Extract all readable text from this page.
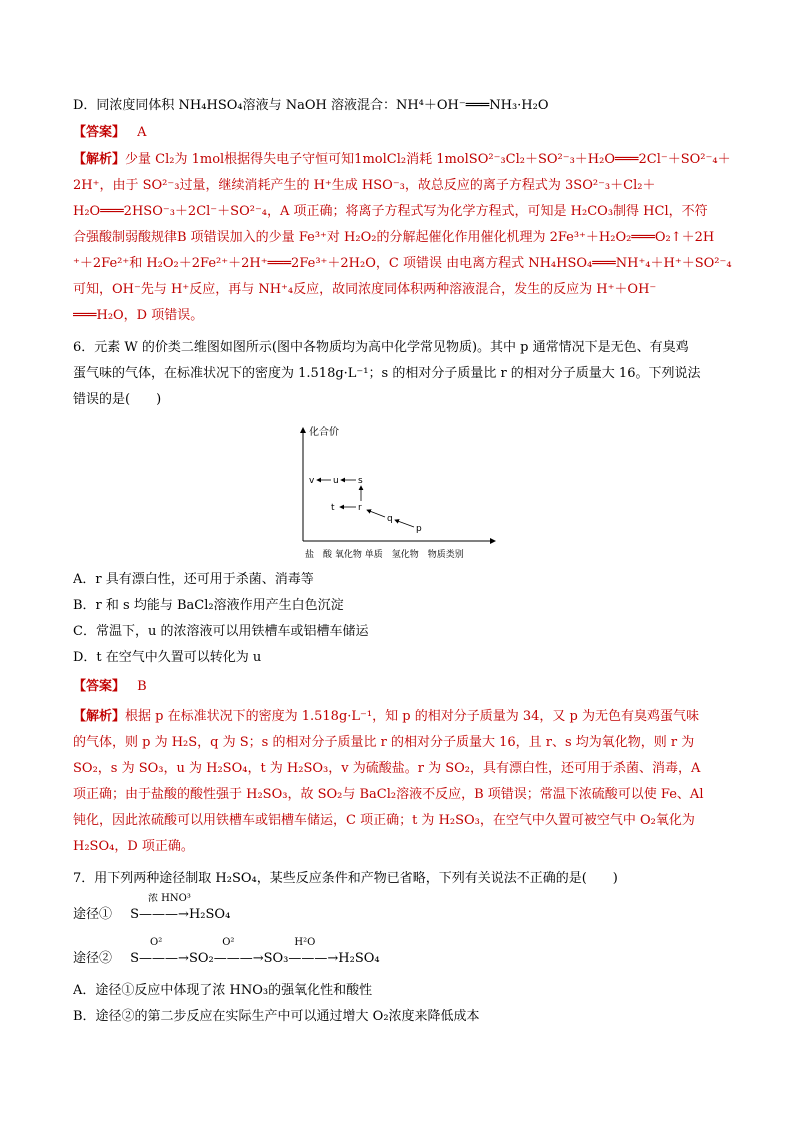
D．同浓度同体积 NH₄HSO₄溶液与 NaOH 溶液混合：NH⁴＋OH⁻═══NH₃·H₂O
【答案】 A
【解析】少量 Cl₂为 1mol根据得失电子守恒可知1molCl₂消耗 1molSO²⁻₃Cl₂＋SO²⁻₃＋H₂O═══2Cl⁻＋SO²⁻₄＋
2H⁺，由于 SO²⁻₃过量，继续消耗产生的 H⁺生成 HSO⁻₃，故总反应的离子方程式为 3SO²⁻₃＋Cl₂＋
H₂O═══2HSO⁻₃＋2Cl⁻＋SO²⁻₄，A 项正确；将离子方程式写为化学方程式，可知是 H₂CO₃制得 HCl，不符
合强酸制弱酸规律B 项错误加入的少量 Fe³⁺对 H₂O₂的分解起催化作用催化机理为 2Fe³⁺＋H₂O₂═══O₂↑＋2H
⁺＋2Fe²⁺和 H₂O₂＋2Fe²⁺＋2H⁺═══2Fe³⁺＋2H₂O，C 项错误 由电离方程式 NH₄HSO₄═══NH⁺₄＋H⁺＋SO²⁻₄
可知，OH⁻先与 H⁺反应，再与 NH⁺₄反应，故同浓度同体积两种溶液混合，发生的反应为 H⁺＋OH⁻
═══H₂O，D 项错误。
6．元素 W 的价类二维图如图所示(图中各物质均为高中化学常见物质)。其中 p 通常情况下是无色、有臭鸡
蛋气味的气体，在标准状况下的密度为 1.518g·L⁻¹；s 的相对分子质量比 r 的相对分子质量大 16。下列说法
错误的是(　　)
化合价
盐　酸 氧化物 单质　氢化物　物质类别
v u s
t	r
q
p
A．r 具有漂白性，还可用于杀菌、消毒等
B．r 和 s 均能与 BaCl₂溶液作用产生白色沉淀
C．常温下，u 的浓溶液可以用铁槽车或铝槽车储运
D．t 在空气中久置可以转化为 u
【答案】 B
【解析】根据 p 在标准状况下的密度为 1.518g·L⁻¹，知 p 的相对分子质量为 34，又 p 为无色有臭鸡蛋气味
的气体，则 p 为 H₂S，q 为 S；s 的相对分子质量比 r 的相对分子质量大 16，且 r、s 均为氧化物，则 r 为
SO₂，s 为 SO₃，u 为 H₂SO₄，t 为 H₂SO₃，v 为硫酸盐。r 为 SO₂，具有漂白性，还可用于杀菌、消毒，A
项正确；由于盐酸的酸性强于 H₂SO₃，故 SO₂与 BaCl₂溶液不反应，B 项错误；常温下浓硫酸可以使 Fe、Al
钝化，因此浓硫酸可以用铁槽车或铝槽车储运，C 项正确；t 为 H₂SO₃，在空气中久置可被空气中 O₂氧化为
H₂SO₄，D 项正确。
7．用下列两种途径制取 H₂SO₄，某些反应条件和产物已省略，下列有关说法不正确的是(　　)
浓 HNO³
途径① S———→H₂SO₄
O²　　　　　　O²　　　　　　H²O
途径② S———→SO₂———→SO₃———→H₂SO₄
A．途径①反应中体现了浓 HNO₃的强氧化性和酸性
B．途径②的第二步反应在实际生产中可以通过增大 O₂浓度来降低成本
